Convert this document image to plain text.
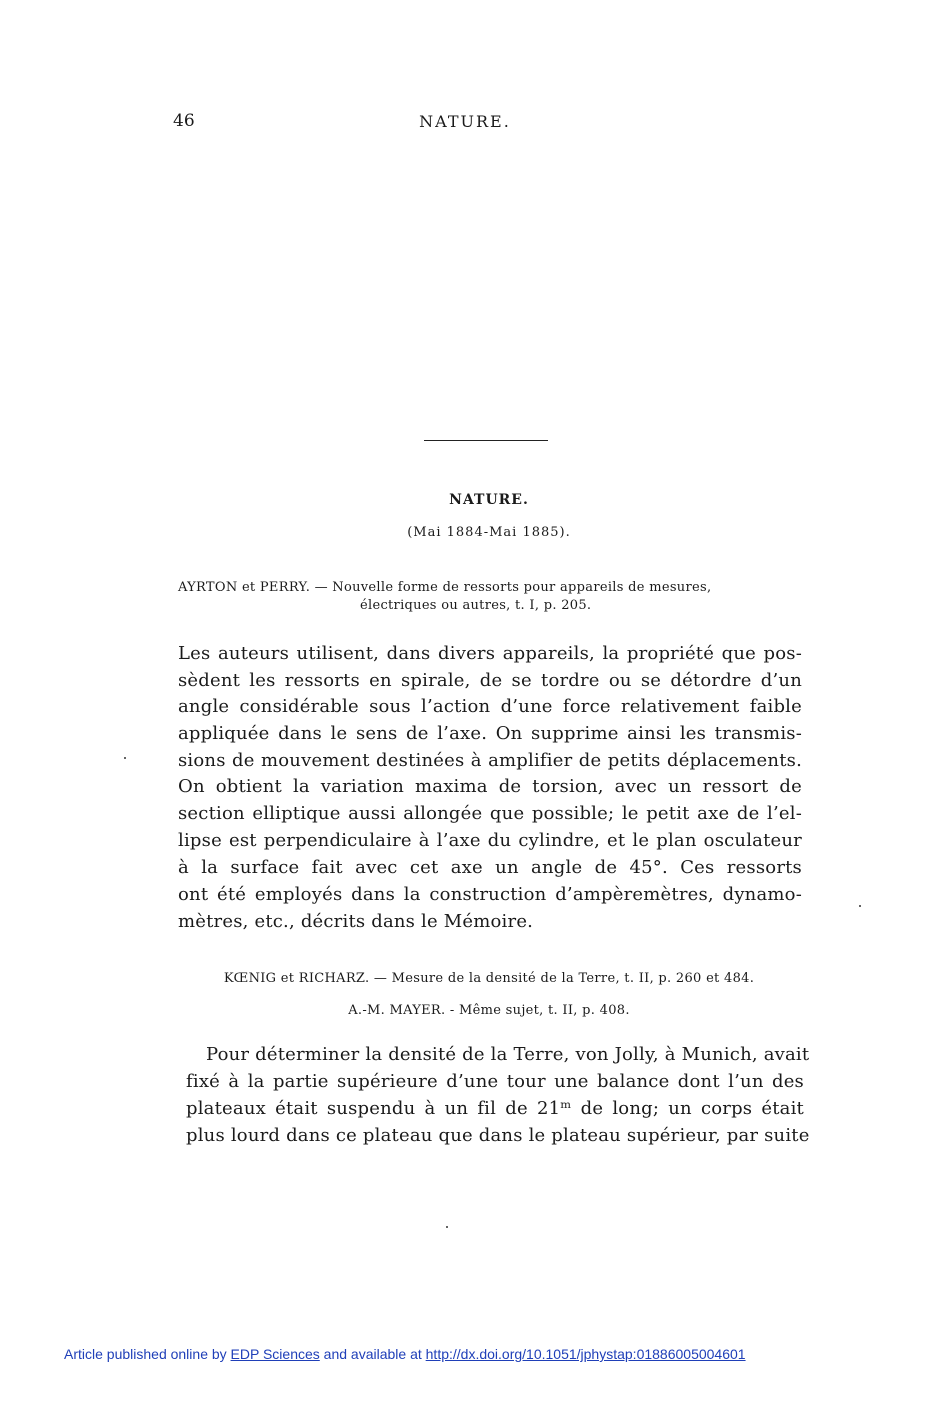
46	NATURE.
NATURE.
(Mai 1884-Mai 1885).
AYRTON et PERRY. — Nouvelle forme de ressorts pour appareils de mesures,
électriques ou autres, t. I, p. 205.
Les auteurs utilisent, dans divers appareils, la propriété que pos-
sèdent les ressorts en spirale, de se tordre ou se détordre d’un
angle considérable sous l’action d’une force relativement faible
appliquée dans le sens de l’axe. On supprime ainsi les transmis-
sions de mouvement destinées à amplifier de petits déplacements.
On obtient la variation maxima de torsion, avec un ressort de
section elliptique aussi allongée que possible; le petit axe de l’el-
lipse est perpendiculaire à l’axe du cylindre, et le plan osculateur
à la surface fait avec cet axe un angle de 45°. Ces ressorts
ont été employés dans la construction d’ampèremètres, dynamo-
mètres, etc., décrits dans le Mémoire.
KŒNIG et RICHARZ. — Mesure de la densité de la Terre, t. II, p. 260 et 484.
A.-M. MAYER. - Même sujet, t. II, p. 408.
Pour déterminer la densité de la Terre, von Jolly, à Munich, avait
fixé à la partie supérieure d’une tour une balance dont l’un des
plateaux était suspendu à un fil de 21ᵐ de long; un corps était
plus lourd dans ce plateau que dans le plateau supérieur, par suite
Article published online by EDP Sciences and available at http://dx.doi.org/10.1051/jphystap:01886005004601
